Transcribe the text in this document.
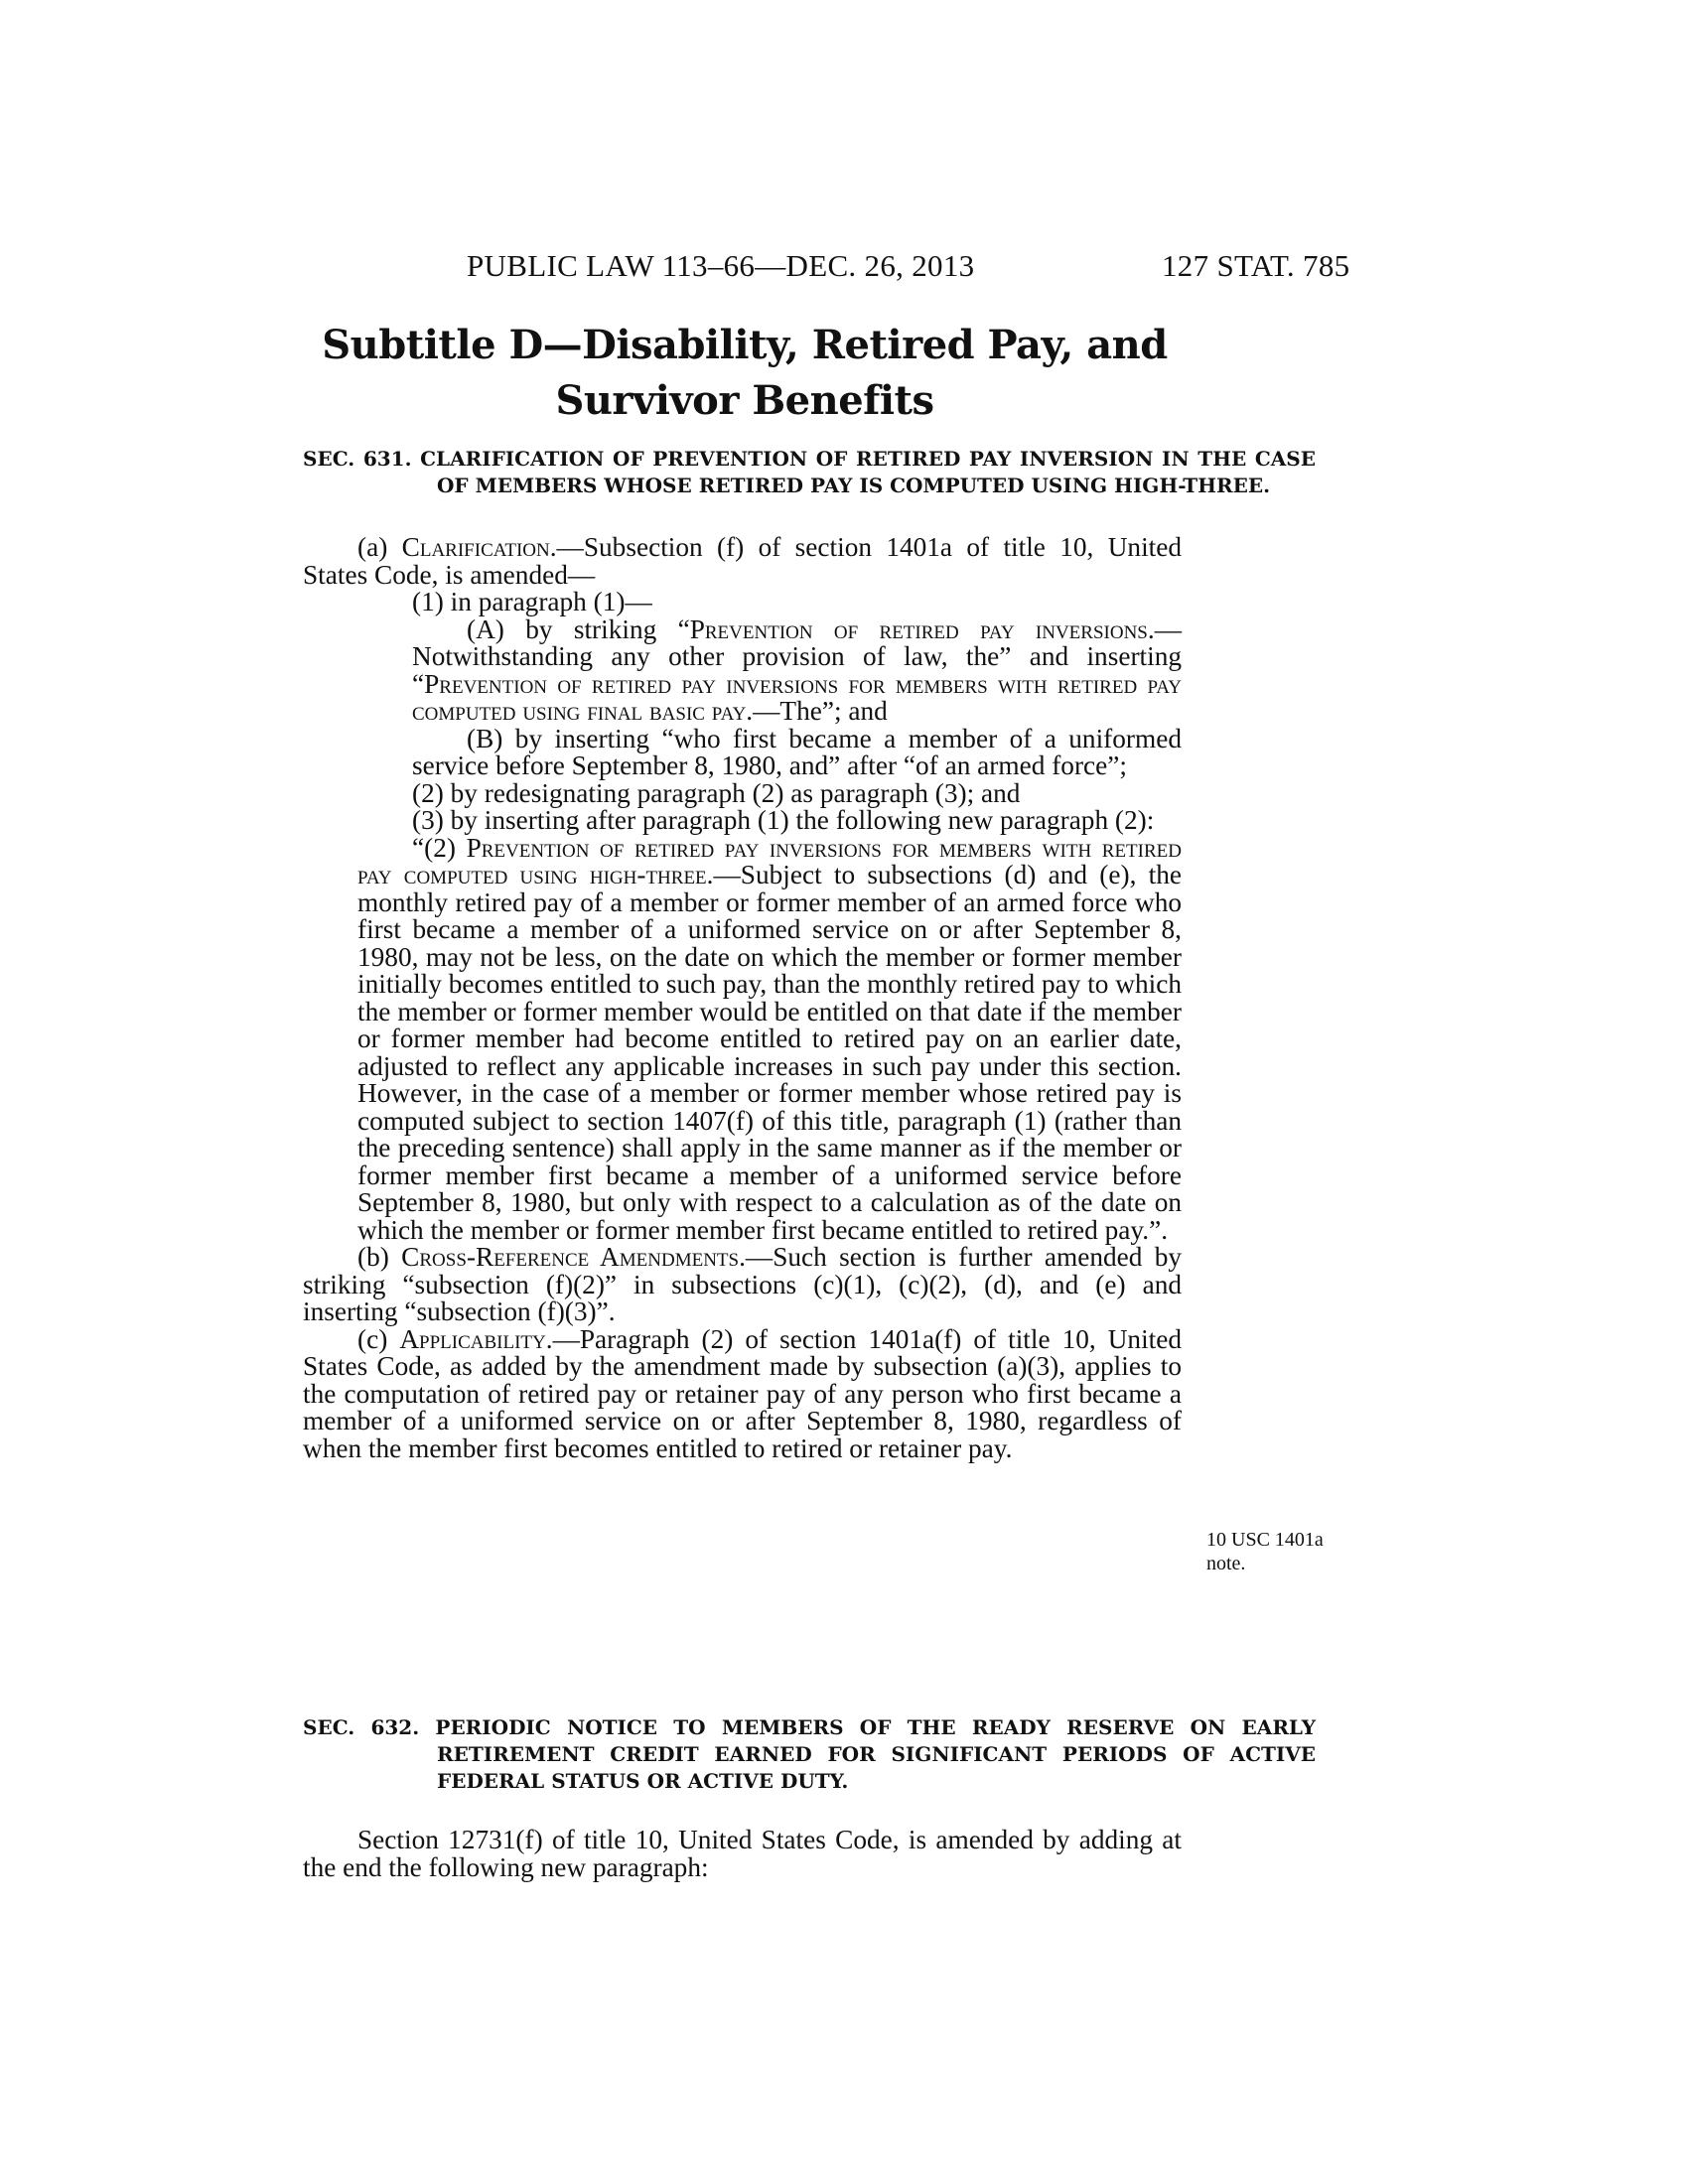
PUBLIC LAW 113–66—DEC. 26, 2013	127 STAT. 785
Subtitle D—Disability, Retired Pay, and Survivor Benefits
SEC. 631. CLARIFICATION OF PREVENTION OF RETIRED PAY INVERSION IN THE CASE OF MEMBERS WHOSE RETIRED PAY IS COMPUTED USING HIGH-THREE.

(a) Clarification.—Subsection (f) of section 1401a of title 10, United States Code, is amended—

(1) in paragraph (1)—

(A) by striking “Prevention of retired pay inversions.—Notwithstanding any other provision of law, the” and inserting “Prevention of retired pay inversions for members with retired pay computed using final basic pay.—The”; and

(B) by inserting “who first became a member of a uniformed service before September 8, 1980, and” after “of an armed force”;

(2) by redesignating paragraph (2) as paragraph (3); and

(3) by inserting after paragraph (1) the following new paragraph (2):

“(2) Prevention of retired pay inversions for members with retired pay computed using high-three.—Subject to subsections (d) and (e), the monthly retired pay of a member or former member of an armed force who first became a member of a uniformed service on or after September 8, 1980, may not be less, on the date on which the member or former member initially becomes entitled to such pay, than the monthly retired pay to which the member or former member would be entitled on that date if the member or former member had become entitled to retired pay on an earlier date, adjusted to reflect any applicable increases in such pay under this section. However, in the case of a member or former member whose retired pay is computed subject to section 1407(f) of this title, paragraph (1) (rather than the preceding sentence) shall apply in the same manner as if the member or former member first became a member of a uniformed service before September 8, 1980, but only with respect to a calculation as of the date on which the member or former member first became entitled to retired pay.”.

(b) Cross-Reference Amendments.—Such section is further amended by striking “subsection (f)(2)” in subsections (c)(1), (c)(2), (d), and (e) and inserting “subsection (f)(3)”.

(c) Applicability.—Paragraph (2) of section 1401a(f) of title 10, United States Code, as added by the amendment made by subsection (a)(3), applies to the computation of retired pay or retainer pay of any person who first became a member of a uniformed service on or after September 8, 1980, regardless of when the member first becomes entitled to retired or retainer pay.

10 USC 1401a note.
SEC. 632. PERIODIC NOTICE TO MEMBERS OF THE READY RESERVE ON EARLY RETIREMENT CREDIT EARNED FOR SIGNIFICANT PERIODS OF ACTIVE FEDERAL STATUS OR ACTIVE DUTY.

Section 12731(f) of title 10, United States Code, is amended by adding at the end the following new paragraph:
